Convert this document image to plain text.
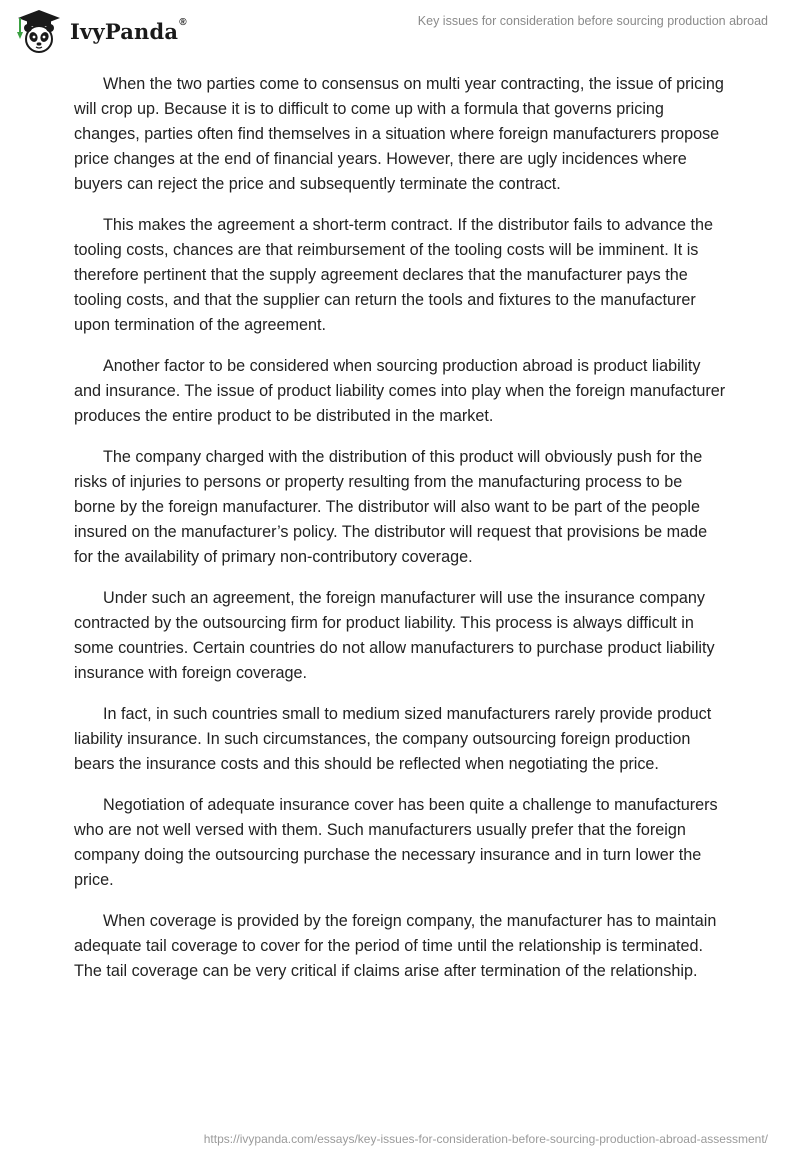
IvyPanda®	Key issues for consideration before sourcing production abroad

When the two parties come to consensus on multi year contracting, the issue of pricing will crop up. Because it is to difficult to come up with a formula that governs pricing changes, parties often find themselves in a situation where foreign manufacturers propose price changes at the end of financial years. However, there are ugly incidences where buyers can reject the price and subsequently terminate the contract.

This makes the agreement a short-term contract. If the distributor fails to advance the tooling costs, chances are that reimbursement of the tooling costs will be imminent. It is therefore pertinent that the supply agreement declares that the manufacturer pays the tooling costs, and that the supplier can return the tools and fixtures to the manufacturer upon termination of the agreement.

Another factor to be considered when sourcing production abroad is product liability and insurance. The issue of product liability comes into play when the foreign manufacturer produces the entire product to be distributed in the market.

The company charged with the distribution of this product will obviously push for the risks of injuries to persons or property resulting from the manufacturing process to be borne by the foreign manufacturer. The distributor will also want to be part of the people insured on the manufacturer’s policy. The distributor will request that provisions be made for the availability of primary non-contributory coverage.

Under such an agreement, the foreign manufacturer will use the insurance company contracted by the outsourcing firm for product liability. This process is always difficult in some countries. Certain countries do not allow manufacturers to purchase product liability insurance with foreign coverage.

In fact, in such countries small to medium sized manufacturers rarely provide product liability insurance. In such circumstances, the company outsourcing foreign production bears the insurance costs and this should be reflected when negotiating the price.

Negotiation of adequate insurance cover has been quite a challenge to manufacturers who are not well versed with them. Such manufacturers usually prefer that the foreign company doing the outsourcing purchase the necessary insurance and in turn lower the price.

When coverage is provided by the foreign company, the manufacturer has to maintain adequate tail coverage to cover for the period of time until the relationship is terminated. The tail coverage can be very critical if claims arise after termination of the relationship.

https://ivypanda.com/essays/key-issues-for-consideration-before-sourcing-production-abroad-assessment/
